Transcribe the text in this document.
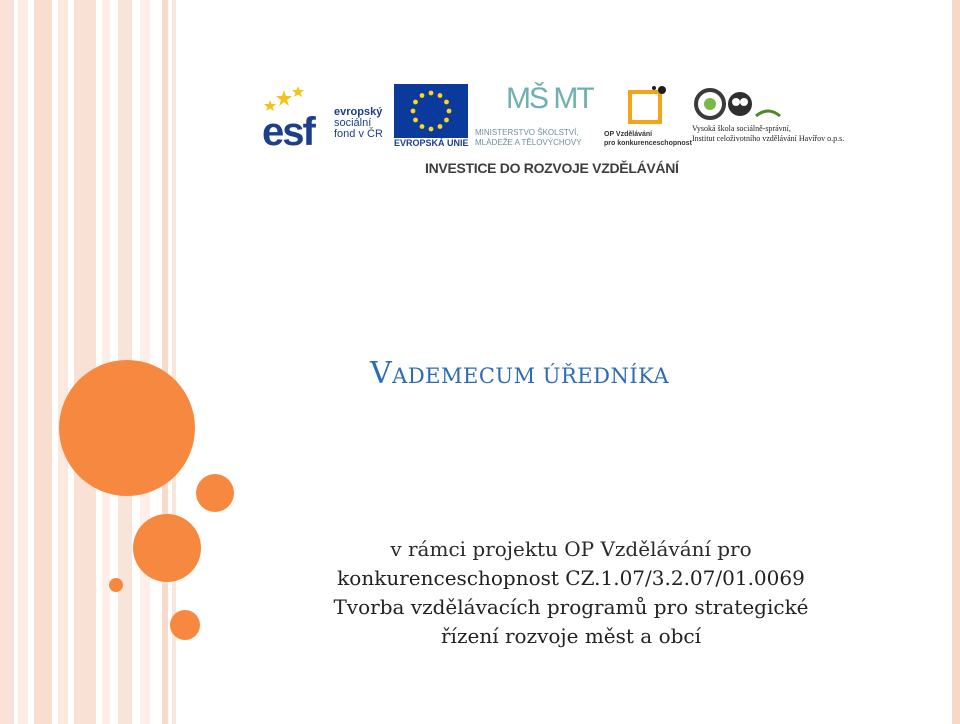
esf evropský
sociální
fond v ČR
EVROPSKÁ UNIE
MŠ MT
MINISTERSTVO ŠKOLSTVÍ,
MLÁDEŽE A TĚLOVÝCHOVY
OP Vzdělávání
pro konkurenceschopnost
Vysoká škola sociálně-správní,
Institut celoživotního vzdělávání Havířov o.p.s.
INVESTICE DO ROZVOJE VZDĚLÁVÁNÍ
VADEMECUM ÚŘEDNÍKA
v rámci projektu OP Vzdělávání pro
konkurenceschopnost CZ.1.07/3.2.07/01.0069
Tvorba vzdělávacích programů pro strategické
řízení rozvoje měst a obcí
